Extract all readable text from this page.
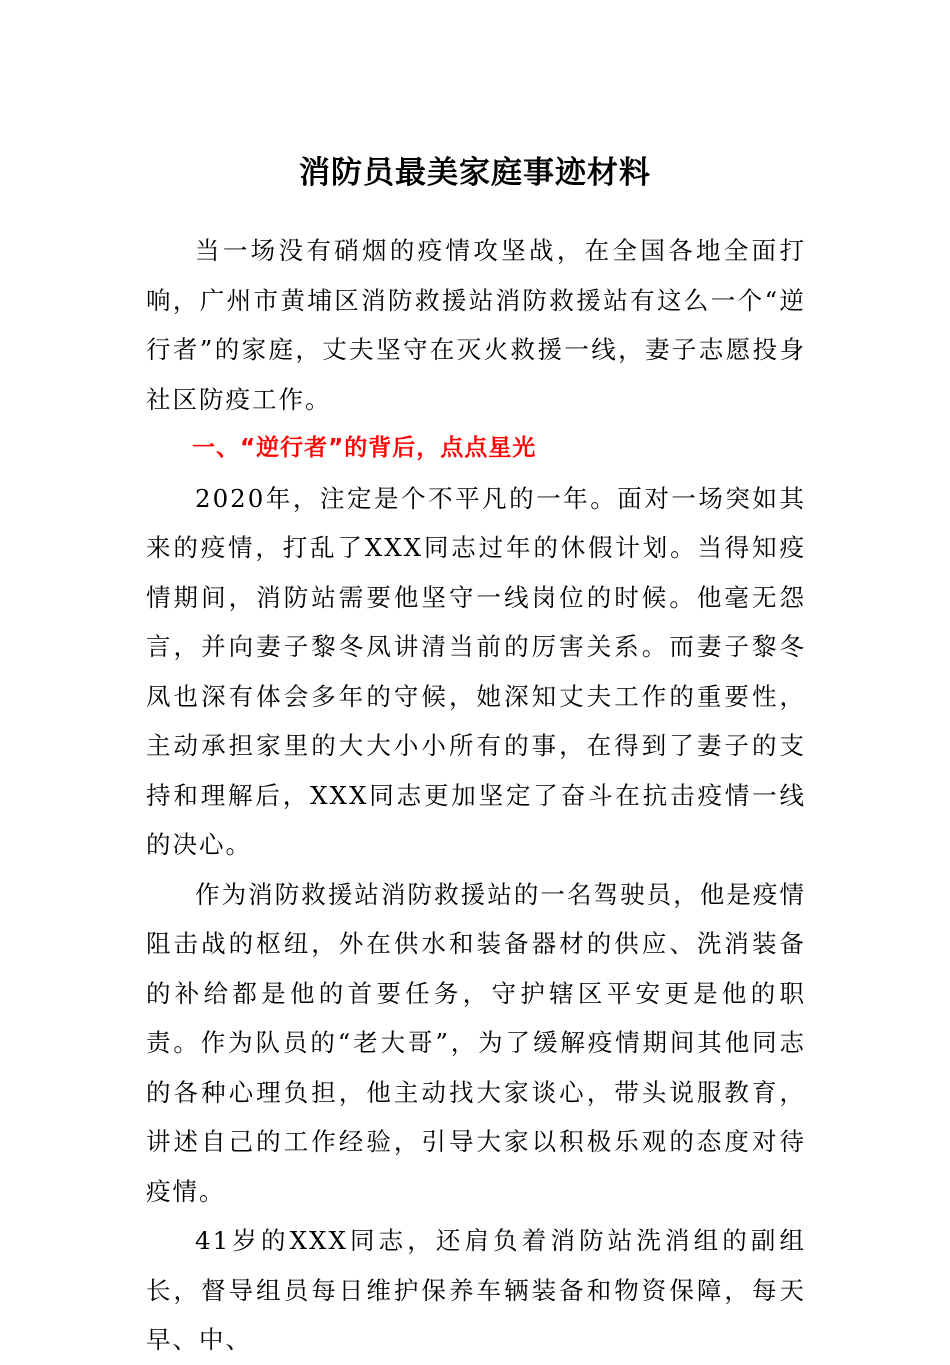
消防员最美家庭事迹材料

当一场没有硝烟的疫情攻坚战，在全国各地全面打响，广州市黄埔区消防救援站消防救援站有这么一个“逆行者”的家庭，丈夫坚守在灭火救援一线，妻子志愿投身社区防疫工作。

一、“逆行者”的背后，点点星光

2020年，注定是个不平凡的一年。面对一场突如其来的疫情，打乱了XXX同志过年的休假计划。当得知疫情期间，消防站需要他坚守一线岗位的时候。他毫无怨言，并向妻子黎冬凤讲清当前的厉害关系。而妻子黎冬凤也深有体会多年的守候，她深知丈夫工作的重要性，主动承担家里的大大小小所有的事，在得到了妻子的支持和理解后，XXX同志更加坚定了奋斗在抗击疫情一线的决心。

作为消防救援站消防救援站的一名驾驶员，他是疫情阻击战的枢纽，外在供水和装备器材的供应、洗消装备的补给都是他的首要任务，守护辖区平安更是他的职责。作为队员的“老大哥”，为了缓解疫情期间其他同志的各种心理负担，他主动找大家谈心，带头说服教育，讲述自己的工作经验，引导大家以积极乐观的态度对待疫情。

41岁的XXX同志，还肩负着消防站洗消组的副组长，督导组员每日维护保养车辆装备和物资保障，每天早、中、
